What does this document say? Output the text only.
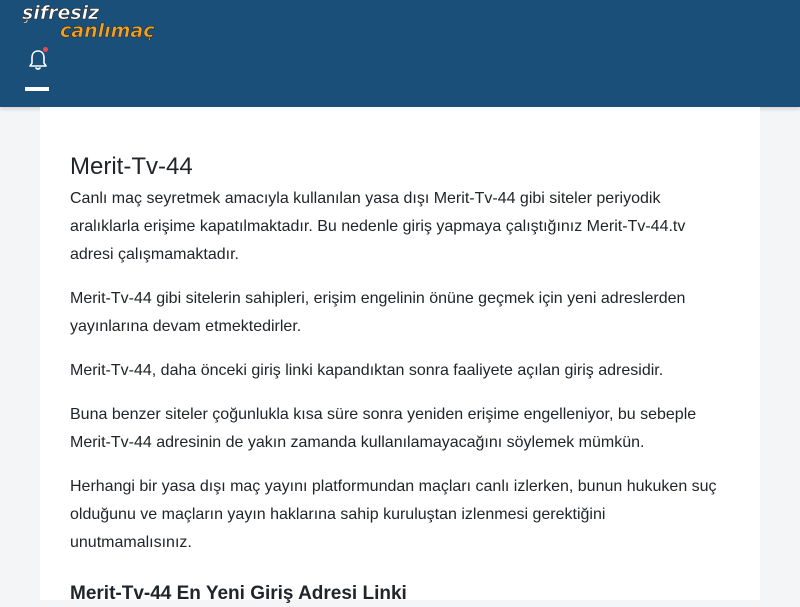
şifresiz
canlımaç
Merit-Tv-44

Canlı maç seyretmek amacıyla kullanılan yasa dışı Merit-Tv-44 gibi siteler periyodik aralıklarla erişime kapatılmaktadır. Bu nedenle giriş yapmaya çalıştığınız Merit-Tv-44.tv adresi çalışmamaktadır.

Merit-Tv-44 gibi sitelerin sahipleri, erişim engelinin önüne geçmek için yeni adreslerden yayınlarına devam etmektedirler.

Merit-Tv-44, daha önceki giriş linki kapandıktan sonra faaliyete açılan giriş adresidir.

Buna benzer siteler çoğunlukla kısa süre sonra yeniden erişime engelleniyor, bu sebeple Merit-Tv-44 adresinin de yakın zamanda kullanılamayacağını söylemek mümkün.

Herhangi bir yasa dışı maç yayını platformundan maçları canlı izlerken, bunun hukuken suç olduğunu ve maçların yayın haklarına sahip kuruluştan izlenmesi gerektiğini unutmamalısınız.

Merit-Tv-44 En Yeni Giriş Adresi Linki
